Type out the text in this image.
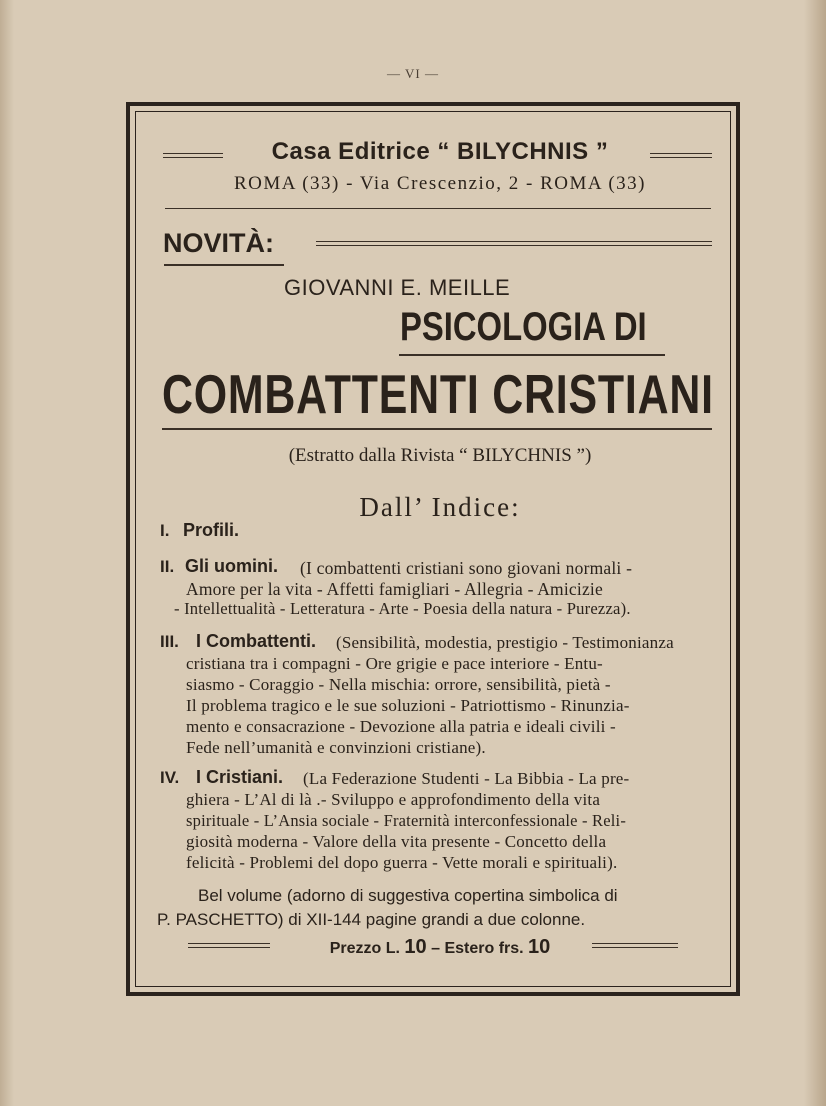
— VI —
Casa Editrice “ BILYCHNIS ”
ROMA (33) - Via Crescenzio, 2 - ROMA (33)
NOVITÀ:
GIOVANNI E. MEILLE
PSICOLOGIA DI
COMBATTENTI CRISTIANI
(Estratto dalla Rivista “ BILYCHNIS ”)
Dall’ Indice:
I. Profili.
II. Gli uomini. (I combattenti cristiani sono giovani normali -
Amore per la vita - Affetti famigliari - Allegria - Amicizie
- Intellettualità - Letteratura - Arte - Poesia della natura - Purezza).
III. I Combattenti. (Sensibilità, modestia, prestigio - Testimonianza
cristiana tra i compagni - Ore grigie e pace interiore - Entu-
siasmo - Coraggio - Nella mischia: orrore, sensibilità, pietà -
Il problema tragico e le sue soluzioni - Patriottismo - Rinunzia-
mento e consacrazione - Devozione alla patria e ideali civili -
Fede nell’umanità e convinzioni cristiane).
IV. I Cristiani. (La Federazione Studenti - La Bibbia - La pre-
ghiera - L’Al di là .- Sviluppo e approfondimento della vita
spirituale - L’Ansia sociale - Fraternità interconfessionale - Reli-
giosità moderna - Valore della vita presente - Concetto della
felicità - Problemi del dopo guerra - Vette morali e spirituali).
Bel volume (adorno di suggestiva copertina simbolica di
P. PASCHETTO) di XII-144 pagine grandi a due colonne.
Prezzo L. 10 – Estero frs. 10
